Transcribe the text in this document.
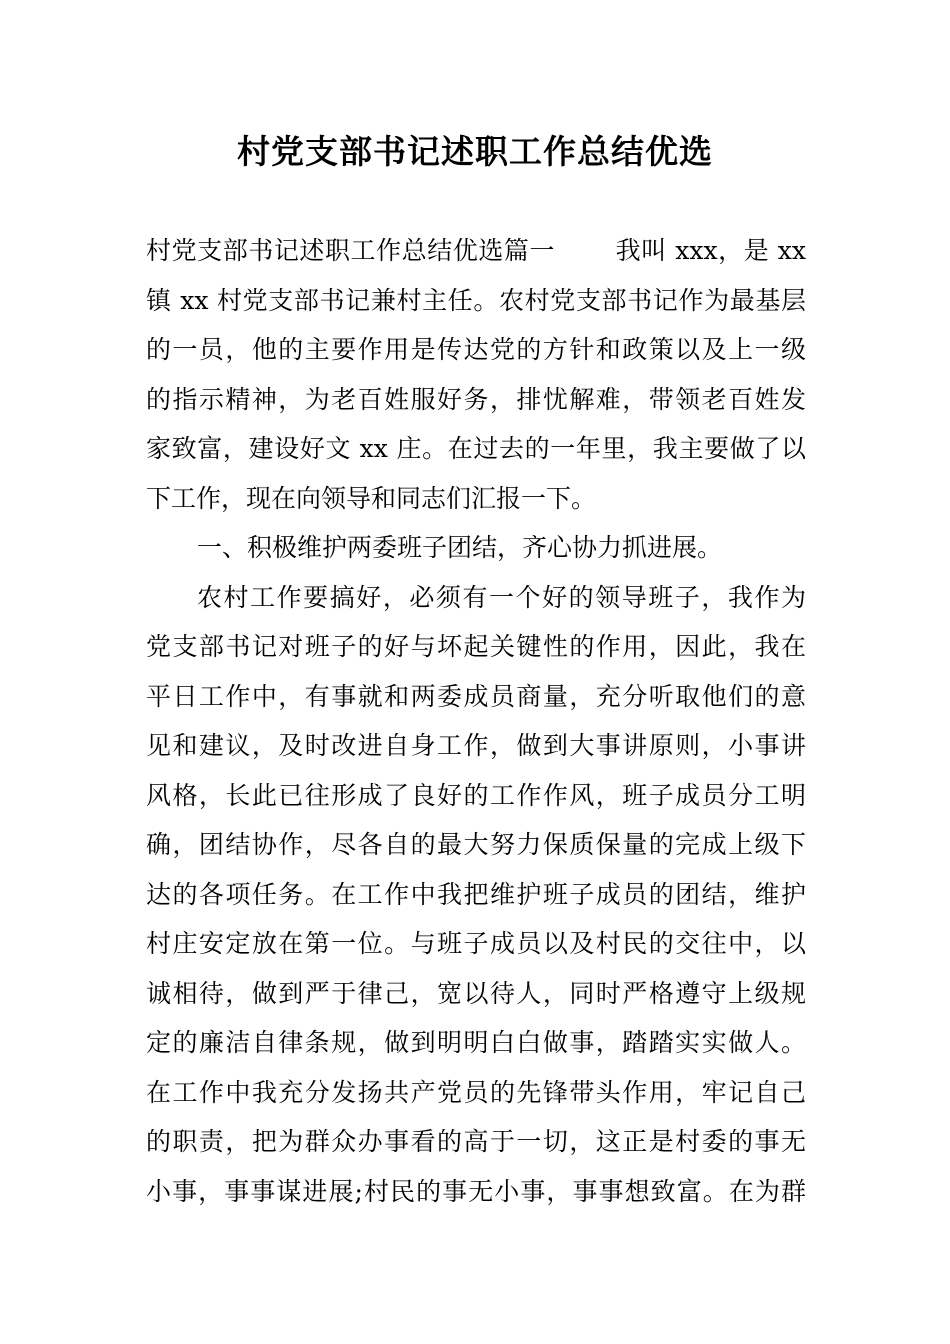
村党支部书记述职工作总结优选

村党支部书记述职工作总结优选篇一 我叫 xxx，是 xx

镇 xx 村党支部书记兼村主任。农村党支部书记作为最基层

的一员，他的主要作用是传达党的方针和政策以及上一级

的指示精神，为老百姓服好务，排忧解难，带领老百姓发

家致富，建设好文 xx 庄。在过去的一年里，我主要做了以

下工作，现在向领导和同志们汇报一下。

一、积极维护两委班子团结，齐心协力抓进展。

农村工作要搞好，必须有一个好的领导班子，我作为

党支部书记对班子的好与坏起关键性的作用，因此，我在

平日工作中，有事就和两委成员商量，充分听取他们的意

见和建议，及时改进自身工作，做到大事讲原则，小事讲

风格，长此已往形成了良好的工作作风，班子成员分工明

确，团结协作，尽各自的最大努力保质保量的完成上级下

达的各项任务。在工作中我把维护班子成员的团结，维护

村庄安定放在第一位。与班子成员以及村民的交往中，以

诚相待，做到严于律己，宽以待人，同时严格遵守上级规

定的廉洁自律条规，做到明明白白做事，踏踏实实做人。

在工作中我充分发扬共产党员的先锋带头作用，牢记自己

的职责，把为群众办事看的高于一切，这正是村委的事无

小事，事事谋进展;村民的事无小事，事事想致富。在为群
